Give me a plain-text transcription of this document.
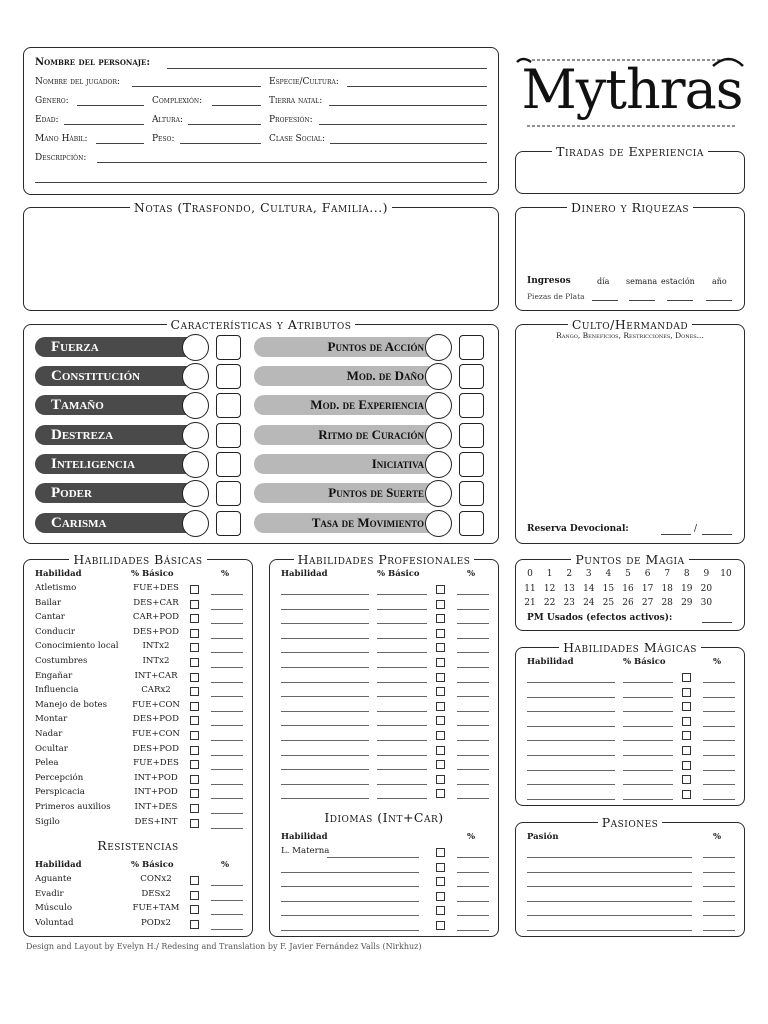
Nombre del personaje:
Nombre del jugador:	Especie/Cultura:
Género:	Complexión:	Tierra natal:
Edad:	Altura:	Profesión:
Mano Hábil:	Peso:	Clase Social:
Descripción:
Mythras
Tiradas de Experiencia
Notas (Trasfondo, Cultura, Familia...)	Dinero y Riquezas
Ingresos	día semana estación año
Piezas de Plata
Características y Atributos
Fuerza
Constitución
Tamaño
Destreza
Inteligencia
Poder
Carisma
Puntos de Acción
Mod. de Daño
Mod. de Experiencia
Ritmo de Curación
Iniciativa
Puntos de Suerte
Tasa de Movimiento
Culto/Hermandad
Rango, Beneficios, Restricciones, Dones...
Reserva Devocional:	/
Habilidades Básicas
Habilidad	% Básico	%
Atletismo	FUE+DES
Bailar	DES+CAR
Cantar	CAR+POD
Conducir	DES+POD
Conocimiento local	INTx2
Costumbres	INTx2
Engañar	INT+CAR
Influencia	CARx2
Manejo de botes	FUE+CON
Montar	DES+POD
Nadar	FUE+CON
Ocultar	DES+POD
Pelea	FUE+DES
Percepción	INT+POD
Perspicacia	INT+POD
Primeros auxilios	INT+DES
Sigilo	DES+INT
Resistencias
Habilidad	% Básico	%
Aguante	CONx2
Evadir	DESx2
Músculo	FUE+TAM
Voluntad	PODx2
Habilidades Profesionales
Habilidad	% Básico	%
Idiomas (Int+Car)
Habilidad	%
L. Materna
Puntos de Magia
0	1	2	3	4	5	6	7	8	9	10
11 12 13 14 15 16 17 18 19 20
21 22 23 24 25 26 27 28 29 30
PM Usados (efectos activos):
Habilidades Mágicas
Habilidad	% Básico	%
Pasiones
Pasión	%
Design and Layout by Evelyn H./ Redesing and Translation by F. Javier Fernández Valls (Nirkhuz)
